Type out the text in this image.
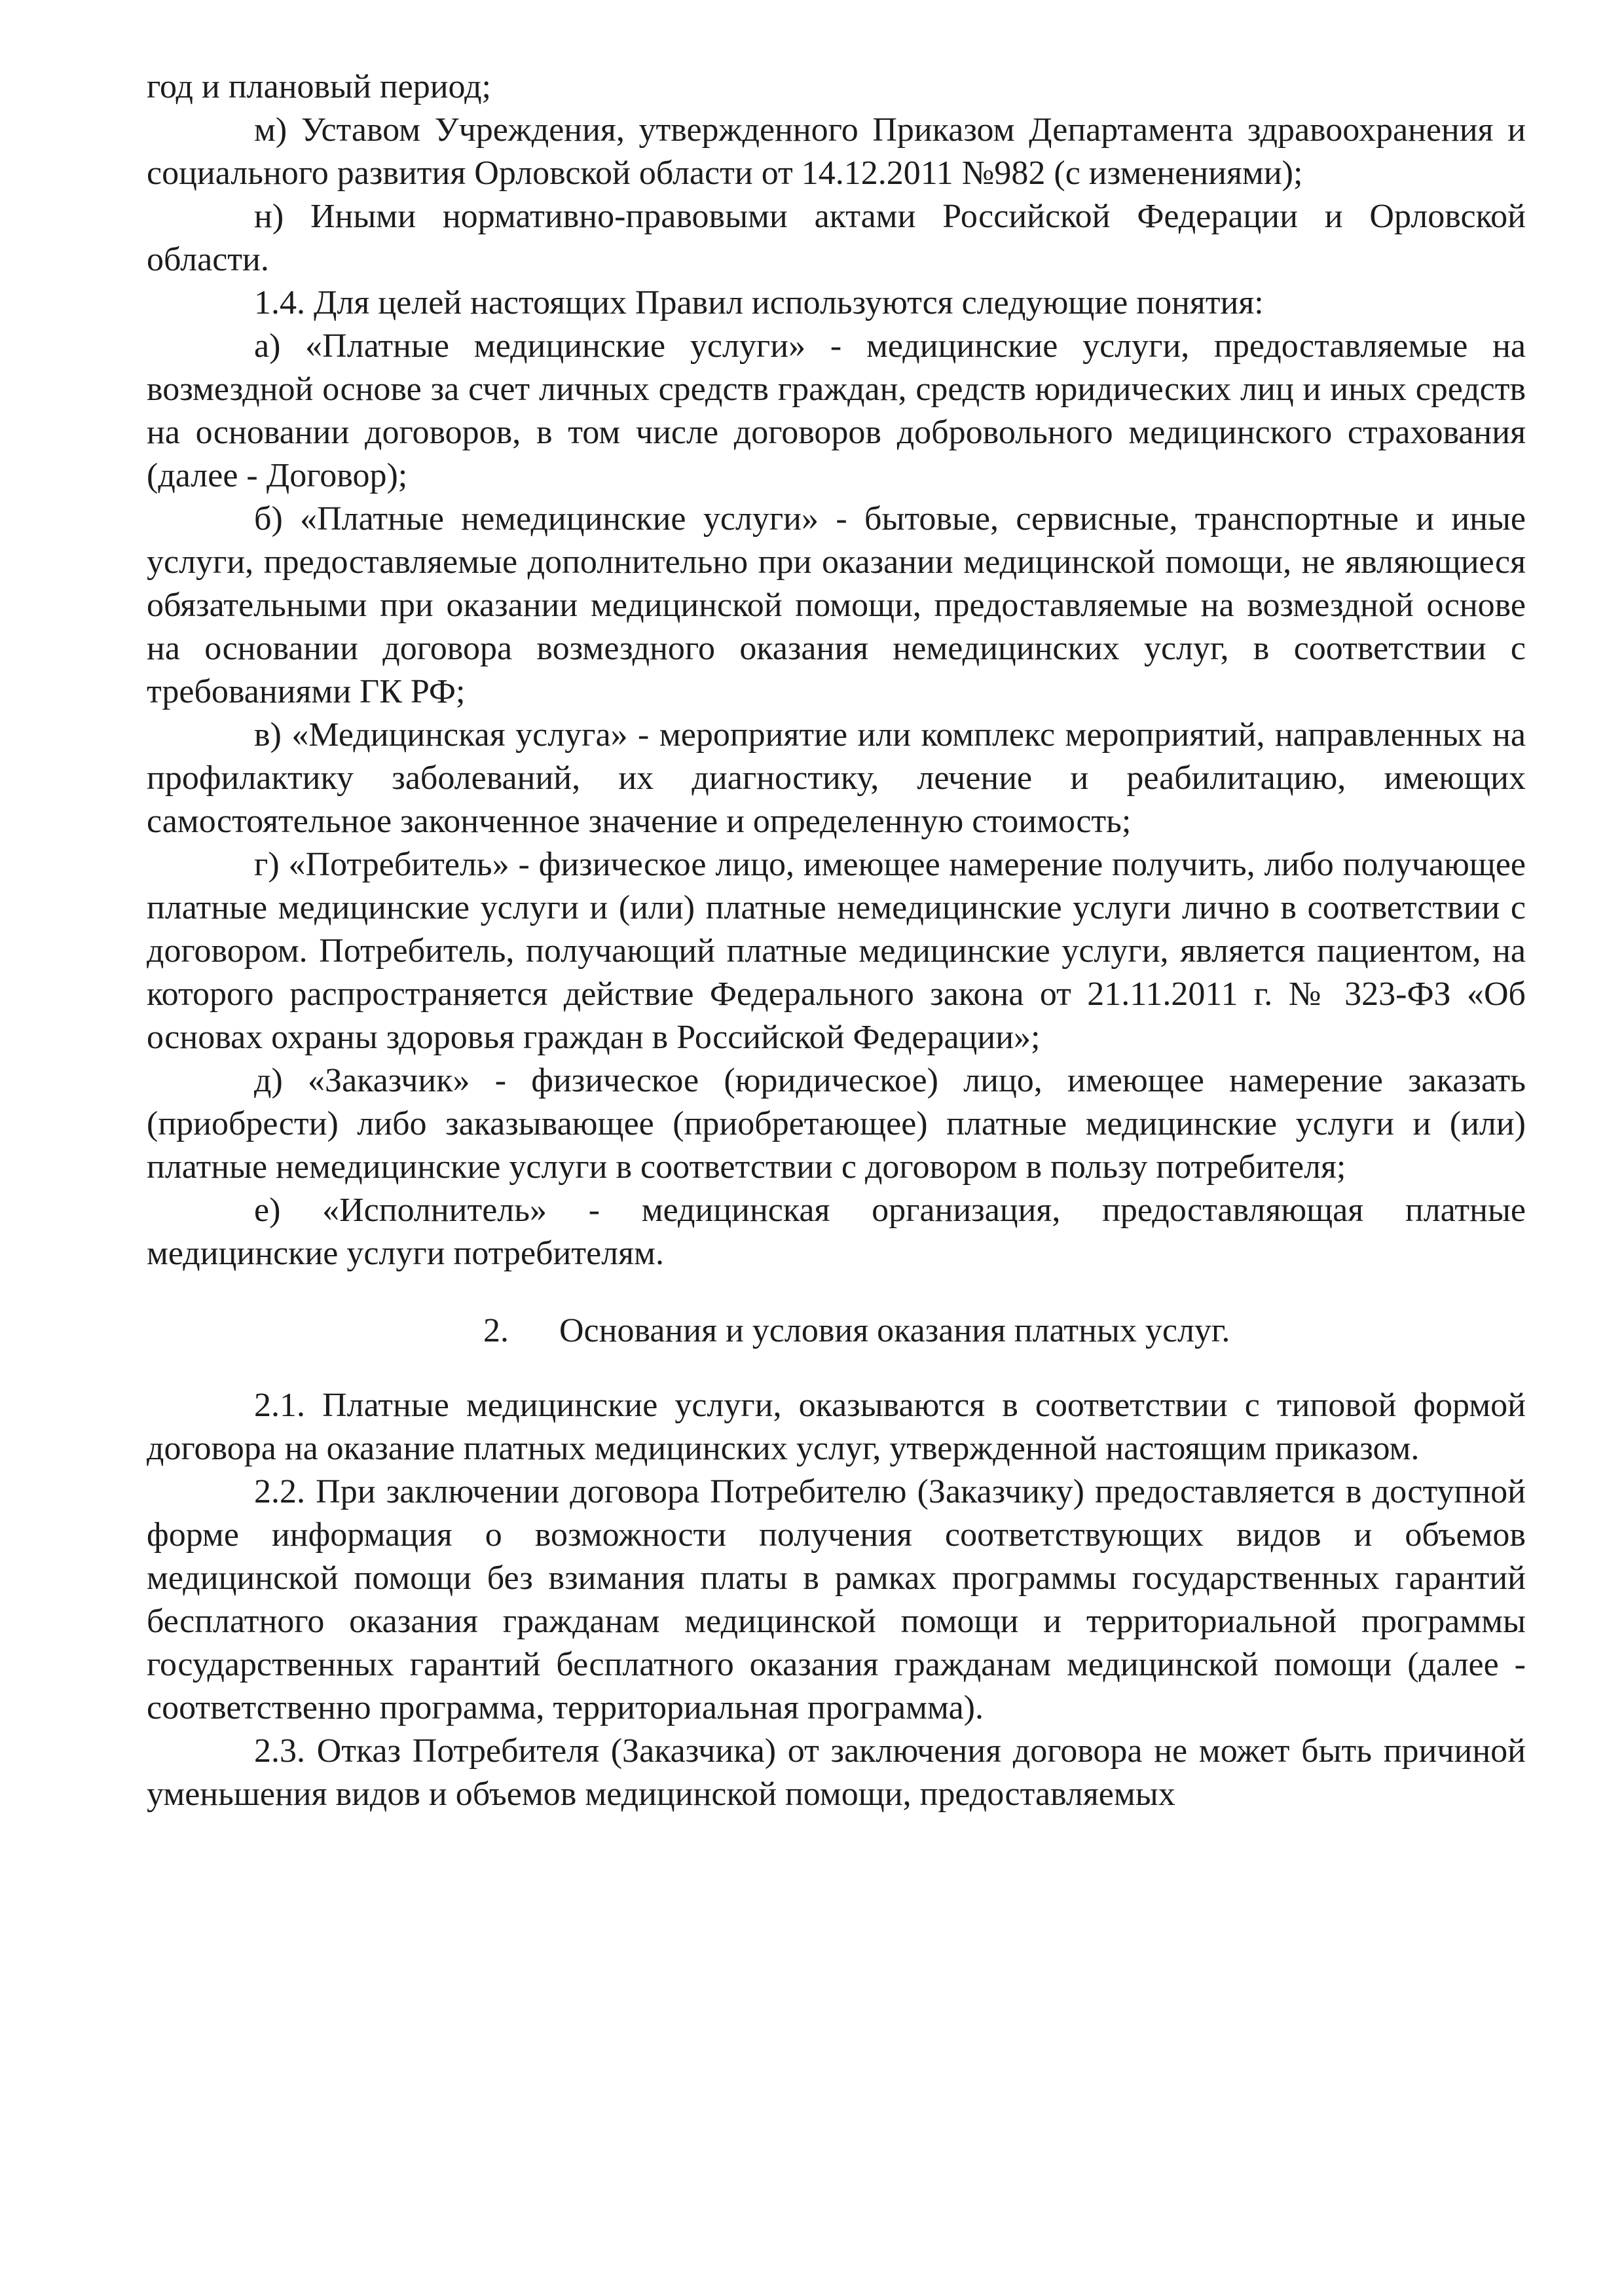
год и плановый период;

м) Уставом Учреждения, утвержденного Приказом Департамента здравоохранения и социального развития Орловской области от 14.12.2011 №982 (с изменениями);

н) Иными нормативно-правовыми актами Российской Федерации и Орловской области.

1.4. Для целей настоящих Правил используются следующие понятия:

а) «Платные медицинские услуги» - медицинские услуги, предоставляемые на возмездной основе за счет личных средств граждан, средств юридических лиц и иных средств на основании договоров, в том числе договоров добровольного медицинского страхования (далее - Договор);

б) «Платные немедицинские услуги» - бытовые, сервисные, транспортные и иные услуги, предоставляемые дополнительно при оказании медицинской помощи, не являющиеся обязательными при оказании медицинской помощи, предоставляемые на возмездной основе на основании договора возмездного оказания немедицинских услуг, в соответствии с требованиями ГК РФ;

в) «Медицинская услуга» - мероприятие или комплекс мероприятий, направленных на профилактику заболеваний, их диагностику, лечение и реабилитацию, имеющих самостоятельное законченное значение и определенную стоимость;

г) «Потребитель» - физическое лицо, имеющее намерение получить, либо получающее платные медицинские услуги и (или) платные немедицинские услуги лично в соответствии с договором. Потребитель, получающий платные медицинские услуги, является пациентом, на которого распространяется действие Федерального закона от 21.11.2011 г. № 323-ФЗ «Об основах охраны здоровья граждан в Российской Федерации»;

д) «Заказчик» - физическое (юридическое) лицо, имеющее намерение заказать (приобрести) либо заказывающее (приобретающее) платные медицинские услуги и (или) платные немедицинские услуги в соответствии с договором в пользу потребителя;

е) «Исполнитель» - медицинская организация, предоставляющая платные медицинские услуги потребителям.

2. Основания и условия оказания платных услуг.

2.1. Платные медицинские услуги, оказываются в соответствии с типовой формой договора на оказание платных медицинских услуг, утвержденной настоящим приказом.

2.2. При заключении договора Потребителю (Заказчику) предоставляется в доступной форме информация о возможности получения соответствующих видов и объемов медицинской помощи без взимания платы в рамках программы государственных гарантий бесплатного оказания гражданам медицинской помощи и территориальной программы государственных гарантий бесплатного оказания гражданам медицинской помощи (далее - соответственно программа, территориальная программа).

2.3. Отказ Потребителя (Заказчика) от заключения договора не может быть причиной уменьшения видов и объемов медицинской помощи, предоставляемых
